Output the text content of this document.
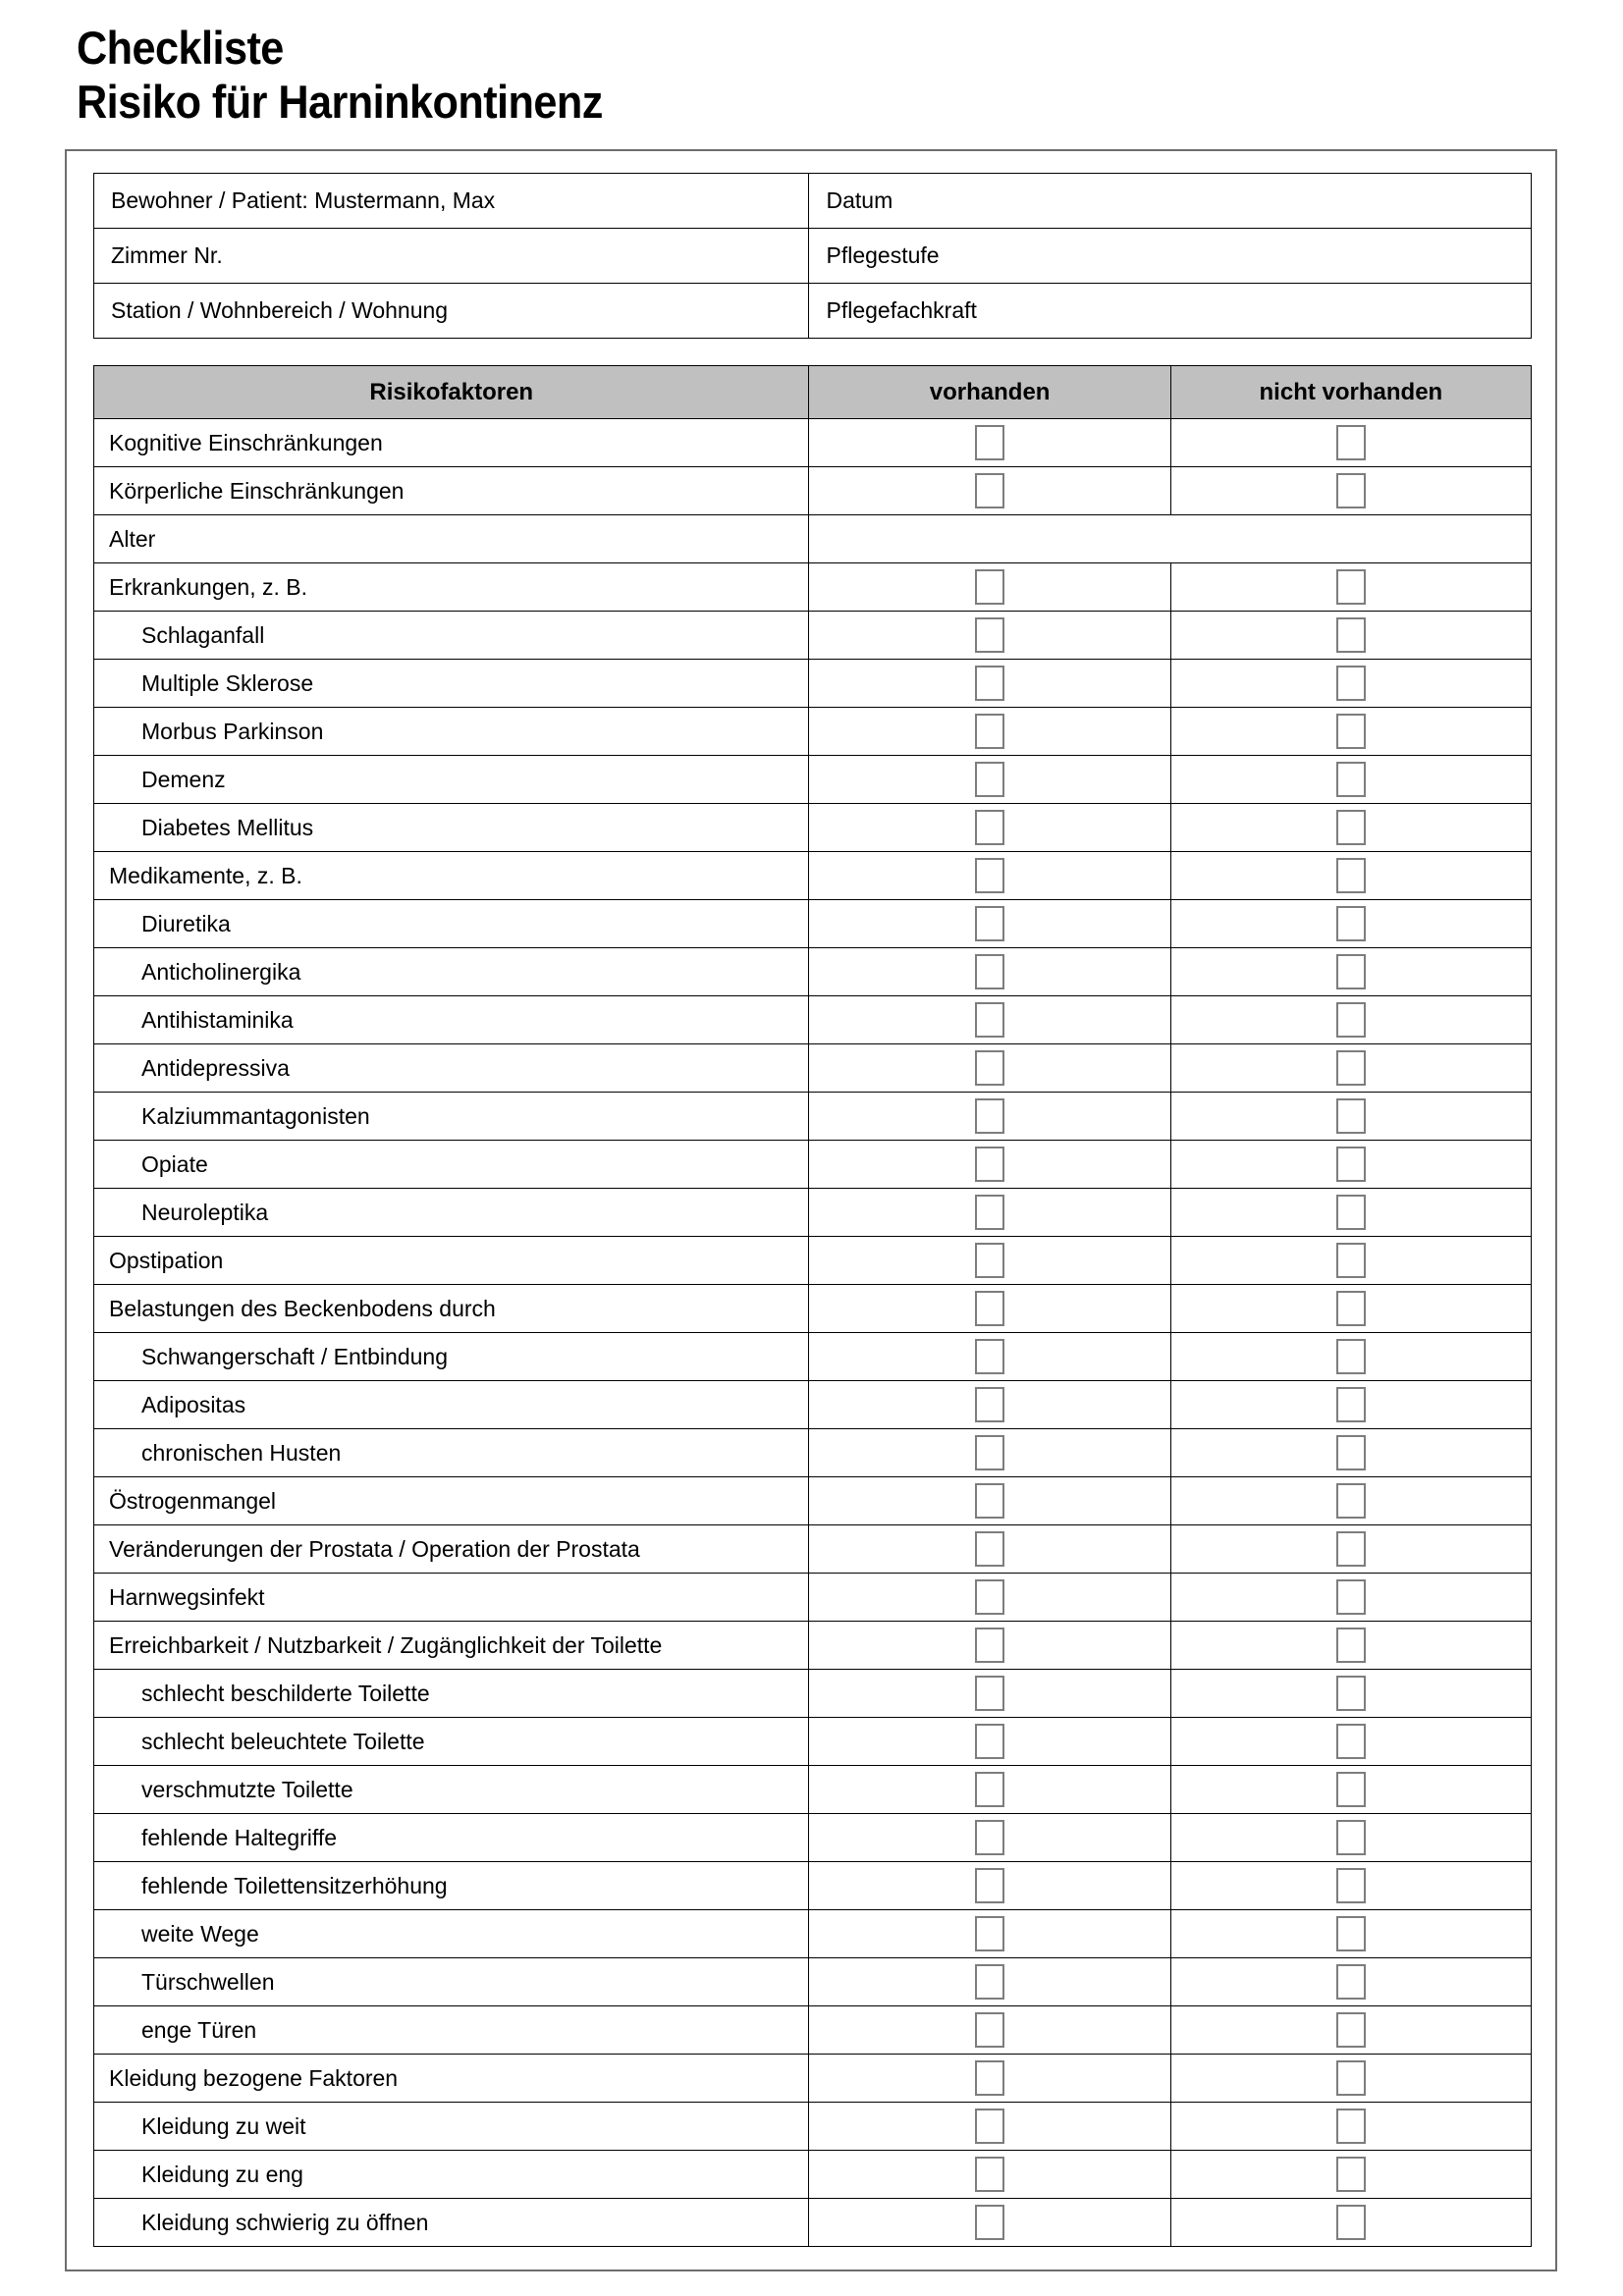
Checkliste
Risiko für Harninkontinenz
Bewohner / Patient: Mustermann, Max	Datum
Zimmer Nr.	Pflegestufe
Station / Wohnbereich / Wohnung	Pflegefachkraft
Risikofaktoren	vorhanden	nicht vorhanden
Kognitive Einschränkungen		
Körperliche Einschränkungen		
Alter		
Erkrankungen, z. B.		
Schlaganfall		
Multiple Sklerose		
Morbus Parkinson		
Demenz		
Diabetes Mellitus		
Medikamente, z. B.		
Diuretika		
Anticholinergika		
Antihistaminika		
Antidepressiva		
Kalziummantagonisten		
Opiate		
Neuroleptika		
Opstipation		
Belastungen des Beckenbodens durch		
Schwangerschaft / Entbindung		
Adipositas		
chronischen Husten		
Östrogenmangel		
Veränderungen der Prostata / Operation der Prostata		
Harnwegsinfekt		
Erreichbarkeit / Nutzbarkeit / Zugänglichkeit der Toilette		
schlecht beschilderte Toilette		
schlecht beleuchtete Toilette		
verschmutzte Toilette		
fehlende Haltegriffe		
fehlende Toilettensitzerhöhung		
weite Wege		
Türschwellen		
enge Türen		
Kleidung bezogene Faktoren		
Kleidung zu weit		
Kleidung zu eng		
Kleidung schwierig zu öffnen		
